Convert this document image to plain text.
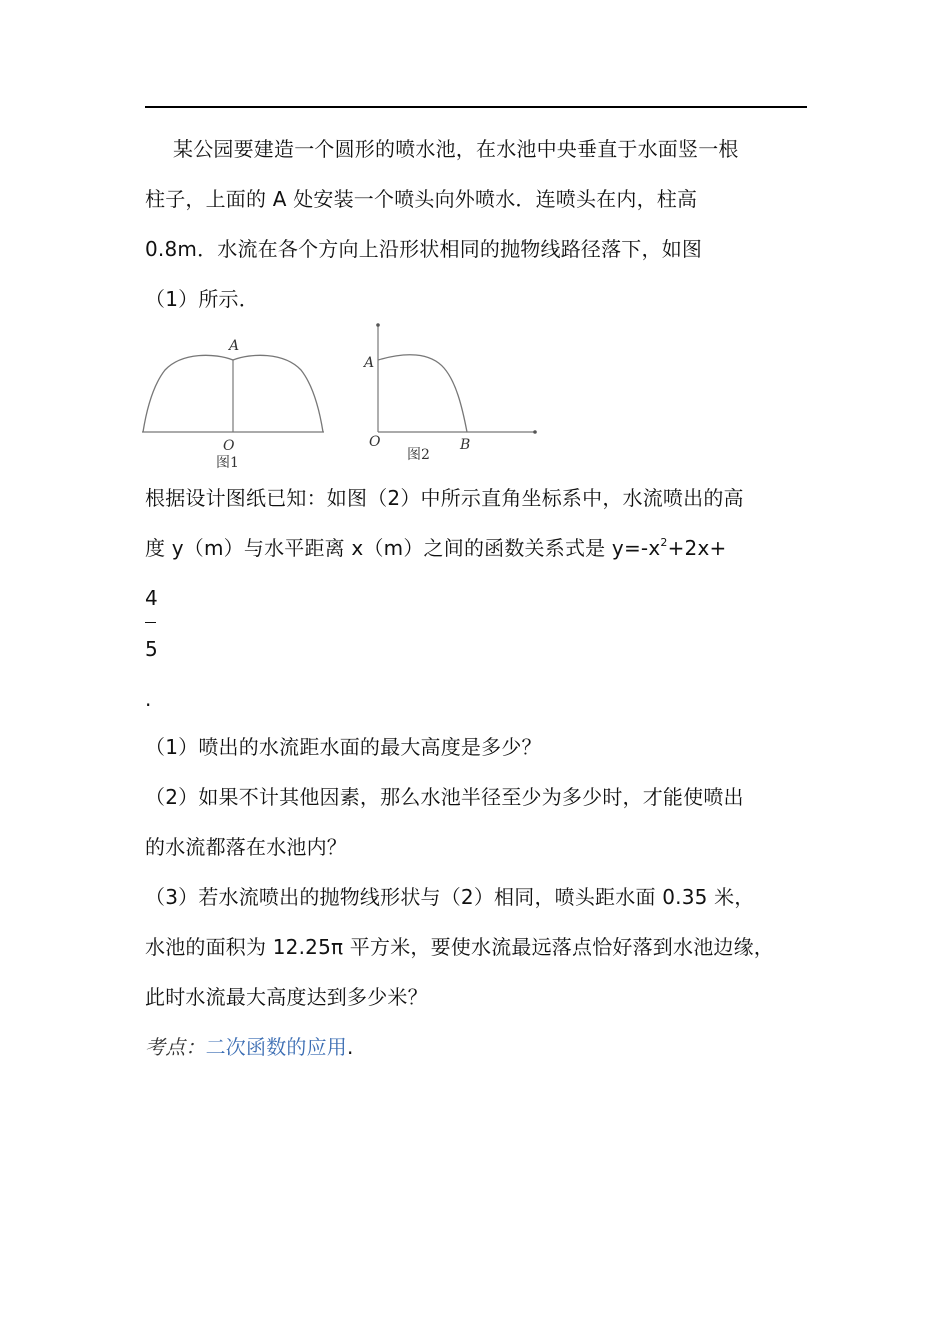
某公园要建造一个圆形的喷水池，在水池中央垂直于水面竖一根
柱子，上面的 A 处安装一个喷头向外喷水．连喷头在内，柱高
0.8m．水流在各个方向上沿形状相同的抛物线路径落下，如图
（1）所示．
A
O
图1
A
O	B
图2
根据设计图纸已知：如图（2）中所示直角坐标系中，水流喷出的高
度 y（m）与水平距离 x（m）之间的函数关系式是 $y=-x^2+2x+$
4
5
.
（1）喷出的水流距水面的最大高度是多少？
（2）如果不计其他因素，那么水池半径至少为多少时，才能使喷出
的水流都落在水池内？
（3）若水流喷出的抛物线形状与（2）相同，喷头距水面 0.35 米，
水池的面积为 12.25π 平方米，要使水流最远落点恰好落到水池边缘，
此时水流最大高度达到多少米？
考点：二次函数的应用.
